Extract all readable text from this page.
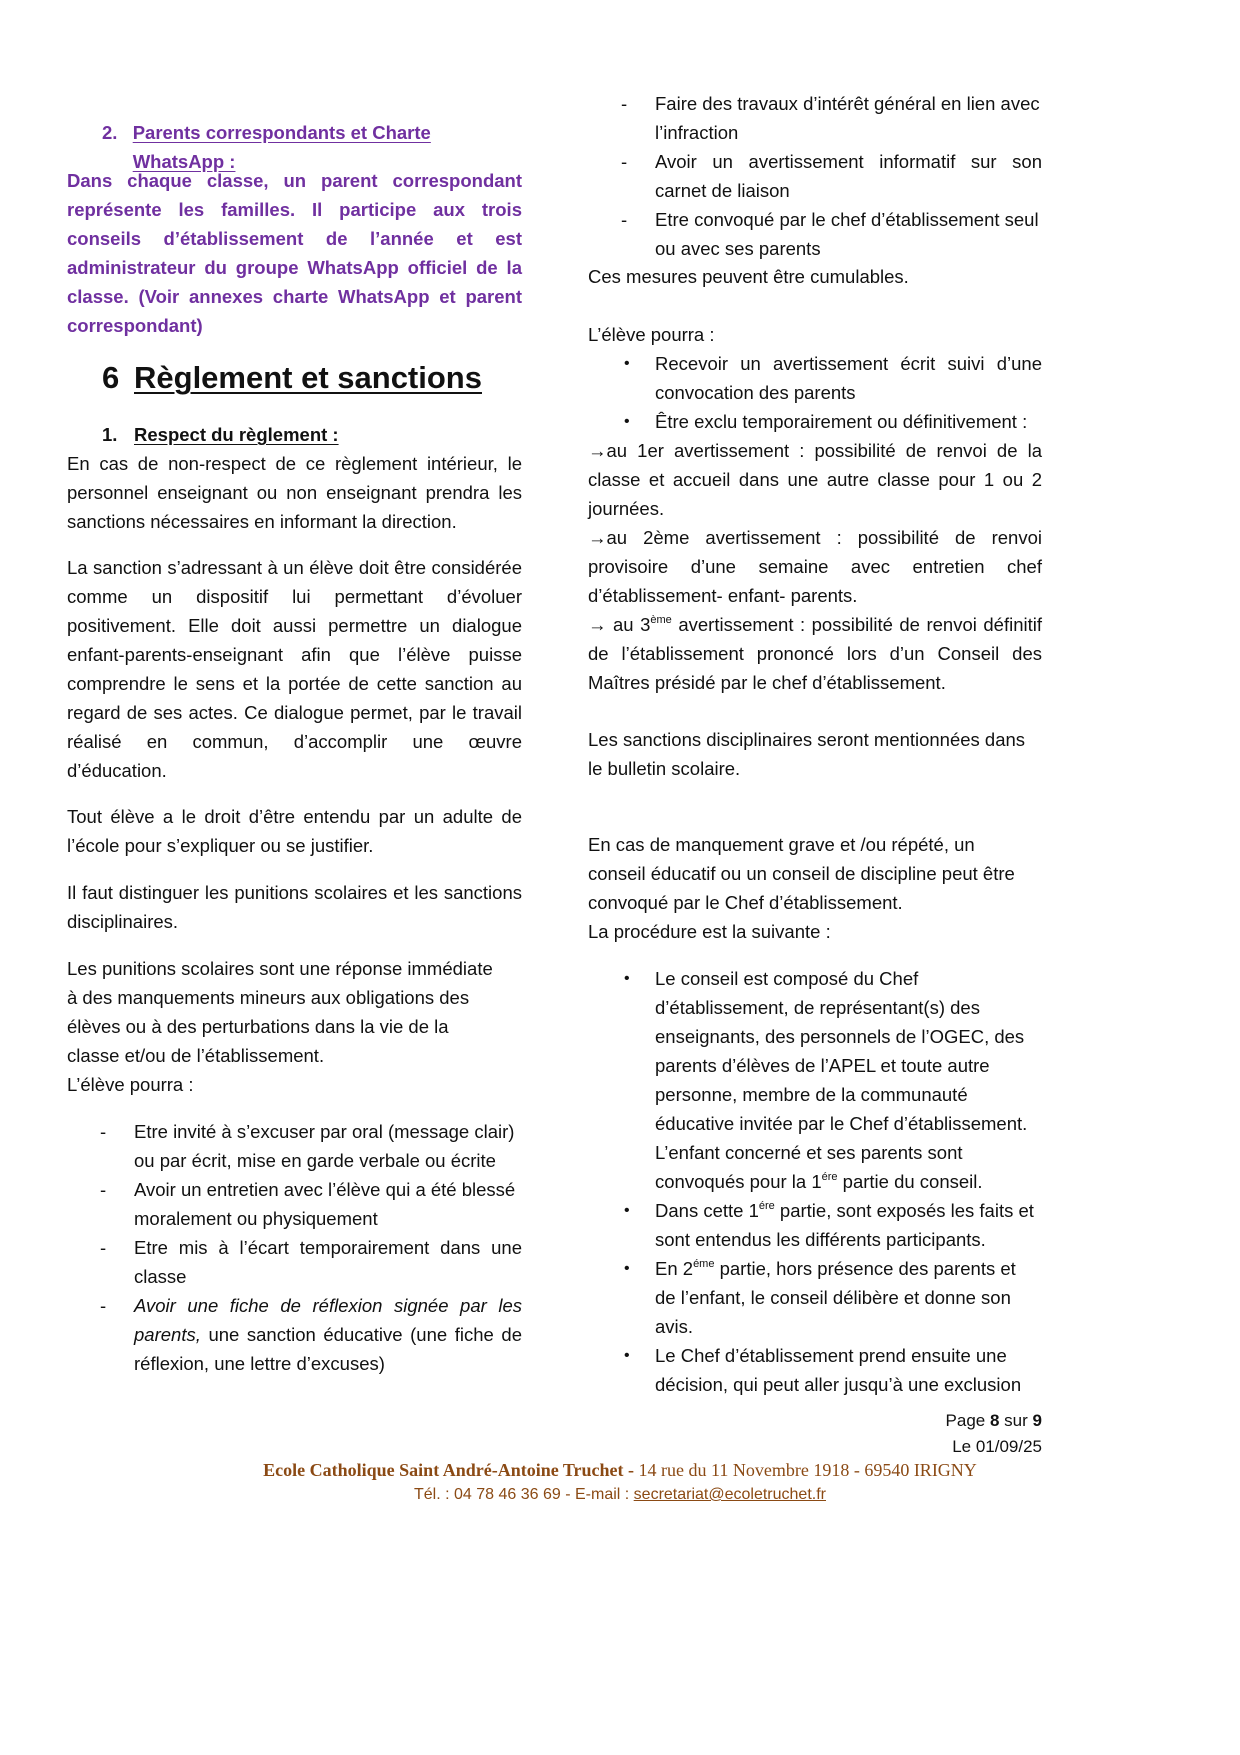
2. Parents correspondants et Charte WhatsApp :
Dans chaque classe, un parent correspondant représente les familles. Il participe aux trois conseils d’établissement de l’année et est administrateur du groupe WhatsApp officiel de la classe. (Voir annexes charte WhatsApp et parent correspondant)
6 Règlement et sanctions
1. Respect du règlement :
En cas de non-respect de ce règlement intérieur, le personnel enseignant ou non enseignant prendra les sanctions nécessaires en informant la direction.
La sanction s’adressant à un élève doit être considérée comme un dispositif lui permettant d’évoluer positivement. Elle doit aussi permettre un dialogue enfant-parents-enseignant afin que l’élève puisse comprendre le sens et la portée de cette sanction au regard de ses actes. Ce dialogue permet, par le travail réalisé en commun, d’accomplir une œuvre d’éducation.
Tout élève a le droit d’être entendu par un adulte de l’école pour s’expliquer ou se justifier.
Il faut distinguer les punitions scolaires et les sanctions disciplinaires.
Les punitions scolaires sont une réponse immédiate à des manquements mineurs aux obligations des élèves ou à des perturbations dans la vie de la classe et/ou de l’établissement.
L’élève pourra :
-	Etre invité à s’excuser par oral (message clair) ou par écrit, mise en garde verbale ou écrite
-	Avoir un entretien avec l’élève qui a été blessé moralement ou physiquement
-	Etre mis à l’écart temporairement dans une classe
-	Avoir une fiche de réflexion signée par les parents, une sanction éducative (une fiche de réflexion, une lettre d’excuses)
-	Faire des travaux d’intérêt général en lien avec l’infraction
-	Avoir un avertissement informatif sur son carnet de liaison
-	Etre convoqué par le chef d’établissement seul ou avec ses parents
Ces mesures peuvent être cumulables.
L’élève pourra :
•	Recevoir un avertissement écrit suivi d’une convocation des parents
•	Être exclu temporairement ou définitivement :
→au 1er avertissement : possibilité de renvoi de la classe et accueil dans une autre classe pour 1 ou 2 journées.
→au 2ème avertissement : possibilité de renvoi provisoire d’une semaine avec entretien chef d’établissement- enfant- parents.
→ au 3ème avertissement : possibilité de renvoi définitif de l’établissement prononcé lors d’un Conseil des Maîtres présidé par le chef d’établissement.
Les sanctions disciplinaires seront mentionnées dans le bulletin scolaire.
En cas de manquement grave et /ou répété, un
conseil éducatif ou un conseil de discipline peut être
convoqué par le Chef d’établissement.
La procédure est la suivante :
•	Le conseil est composé du Chef
d’établissement, de représentant(s) des
enseignants, des personnels de l’OGEC, des
parents d’élèves de l’APEL et toute autre
personne, membre de la communauté
éducative invitée par le Chef d’établissement.
L’enfant concerné et ses parents sont
convoqués pour la $1^{ére}$ partie du conseil.
•	Dans cette $1^{ére}$ partie, sont exposés les faits et
sont entendus les différents participants.
•	En $2^{éme}$ partie, hors présence des parents et
de l’enfant, le conseil délibère et donne son
avis.
•	Le Chef d’établissement prend ensuite une
décision, qui peut aller jusqu’à une exclusion
Page 8 sur 9
Le 01/09/25
Ecole Catholique Saint André-Antoine Truchet - 14 rue du 11 Novembre 1918 - 69540 IRIGNY
Tél. : 04 78 46 36 69 - E-mail : secretariat@ecoletruchet.fr
